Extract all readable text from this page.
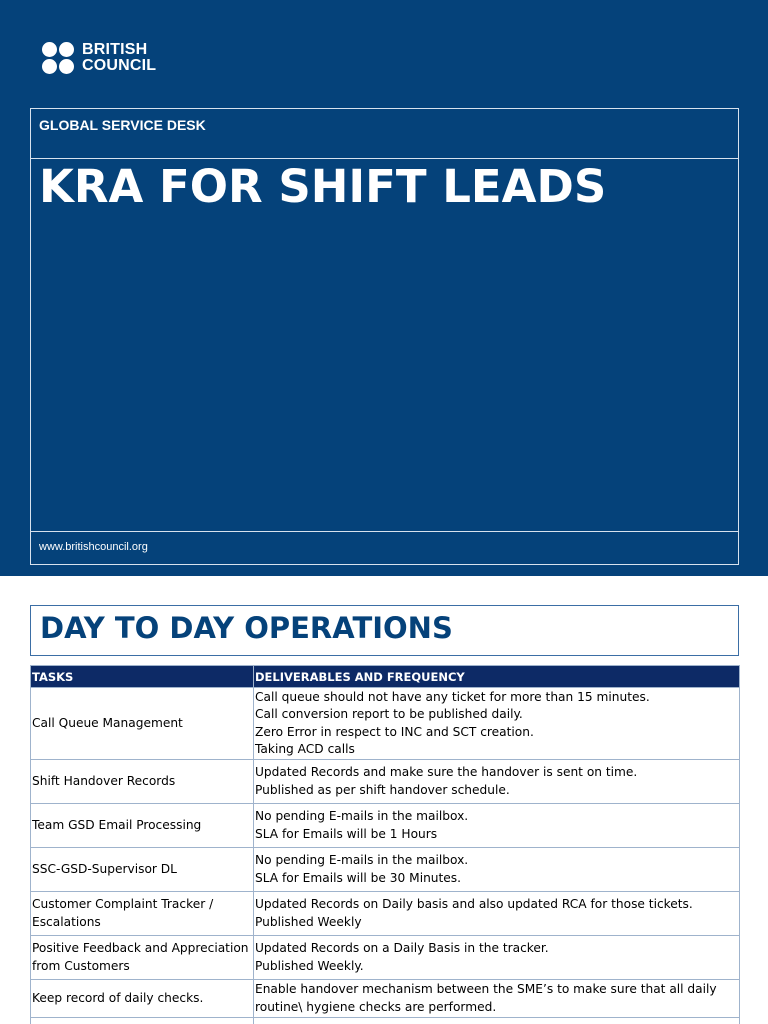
BRITISH
COUNCIL
GLOBAL SERVICE DESK
KRA FOR SHIFT LEADS
www.britishcouncil.org
DAY TO DAY OPERATIONS
TASKS	DELIVERABLES AND FREQUENCY
Call Queue Management	Call queue should not have any ticket for more than 15 minutes.
Call conversion report to be published daily.
Zero Error in respect to INC and SCT creation.
Taking ACD calls

Shift Handover Records	Updated Records and make sure the handover is sent on time.
Published as per shift handover schedule.

Team GSD Email Processing	No pending E-mails in the mailbox.
SLA for Emails will be 1 Hours

SSC-GSD-Supervisor DL	No pending E-mails in the mailbox.
SLA for Emails will be 30 Minutes.

Customer Complaint Tracker /
Escalations	Updated Records on Daily basis and also updated RCA for those tickets.
Published Weekly

Positive Feedback and Appreciation
from Customers	Updated Records on a Daily Basis in the tracker.
Published Weekly.

Keep record of daily checks.	Enable handover mechanism between the SME’s to make sure that all daily
routine\ hygiene checks are performed.
